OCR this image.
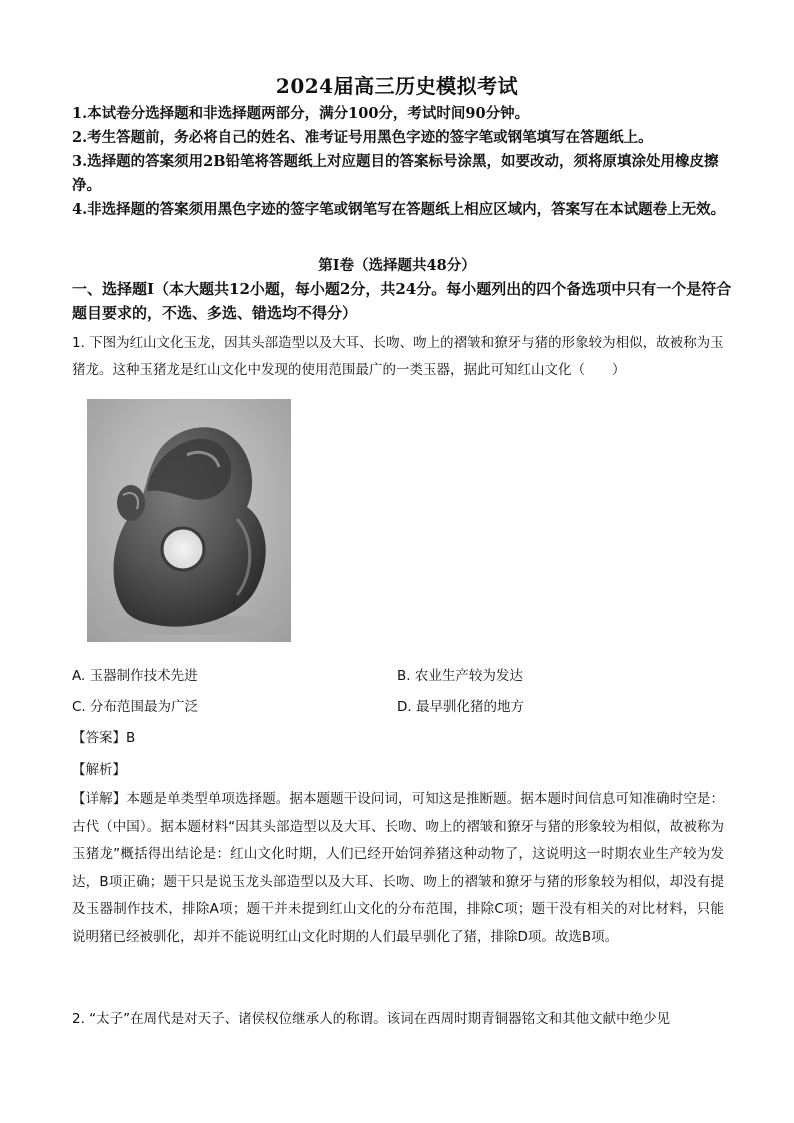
2024届高三历史模拟考试

1.本试卷分选择题和非选择题两部分，满分100分，考试时间90分钟。

2.考生答题前，务必将自己的姓名、准考证号用黑色字迹的签字笔或钢笔填写在答题纸上。

3.选择题的答案须用2B铅笔将答题纸上对应题目的答案标号涂黑，如要改动，须将原填涂处用橡皮擦净。

4.非选择题的答案须用黑色字迹的签字笔或钢笔写在答题纸上相应区域内，答案写在本试题卷上无效。

第Ⅰ卷（选择题共48分）
一、选择题Ⅰ（本大题共12小题，每小题2分，共24分。每小题列出的四个备选项中只有一个是符合题目要求的，不选、多选、错选均不得分）
1. 下图为红山文化玉龙，因其头部造型以及大耳、长吻、吻上的褶皱和獠牙与猪的形象较为相似，故被称为玉猪龙。这种玉猪龙是红山文化中发现的使用范围最广的一类玉器，据此可知红山文化（　　）
A. 玉器制作技术先进	B. 农业生产较为发达
C. 分布范围最为广泛	D. 最早驯化猪的地方
【答案】B
【解析】
【详解】本题是单类型单项选择题。据本题题干设问词，可知这是推断题。据本题时间信息可知准确时空是：古代（中国）。据本题材料“因其头部造型以及大耳、长吻、吻上的褶皱和獠牙与猪的形象较为相似，故被称为玉猪龙”概括得出结论是：红山文化时期，人们已经开始饲养猪这种动物了，这说明这一时期农业生产较为发达，B项正确；题干只是说玉龙头部造型以及大耳、长吻、吻上的褶皱和獠牙与猪的形象较为相似，却没有提及玉器制作技术，排除A项；题干并未提到红山文化的分布范围，排除C项；题干没有相关的对比材料，只能说明猪已经被驯化，却并不能说明红山文化时期的人们最早驯化了猪，排除D项。故选B项。
2. “太子”在周代是对天子、诸侯权位继承人的称谓。该词在西周时期青铜器铭文和其他文献中绝少见
